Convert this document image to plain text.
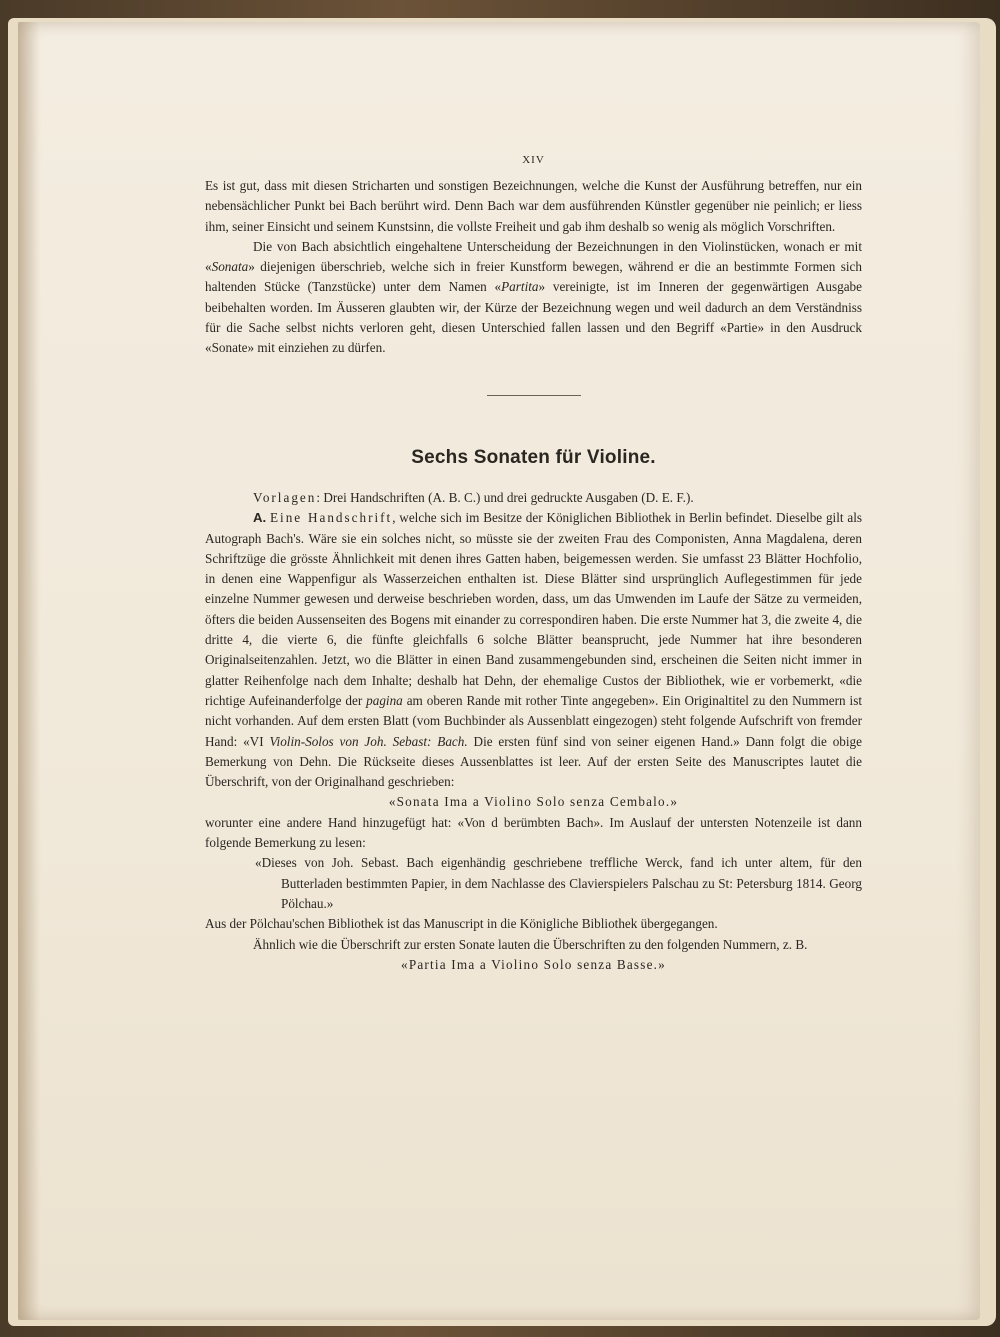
XIV

Es ist gut, dass mit diesen Stricharten und sonstigen Bezeichnungen, welche die Kunst der Ausführung betreffen, nur ein nebensächlicher Punkt bei Bach berührt wird. Denn Bach war dem ausführenden Künstler gegenüber nie peinlich; er liess ihm, seiner Einsicht und seinem Kunstsinn, die vollste Freiheit und gab ihm deshalb so wenig als möglich Vorschriften.

Die von Bach absichtlich eingehaltene Unterscheidung der Bezeichnungen in den Violinstücken, wonach er mit «Sonata» diejenigen überschrieb, welche sich in freier Kunstform bewegen, während er die an bestimmte Formen sich haltenden Stücke (Tanzstücke) unter dem Namen «Partita» vereinigte, ist im Inneren der gegenwärtigen Ausgabe beibehalten worden. Im Äusseren glaubten wir, der Kürze der Bezeichnung wegen und weil dadurch an dem Verständniss für die Sache selbst nichts verloren geht, diesen Unterschied fallen lassen und den Begriff «Partie» in den Ausdruck «Sonate» mit einziehen zu dürfen.

Sechs Sonaten für Violine.

Vorlagen: Drei Handschriften (A. B. C.) und drei gedruckte Ausgaben (D. E. F.).

A. Eine Handschrift, welche sich im Besitze der Königlichen Bibliothek in Berlin befindet. Dieselbe gilt als Autograph Bach's. Wäre sie ein solches nicht, so müsste sie der zweiten Frau des Componisten, Anna Magdalena, deren Schriftzüge die grösste Ähnlichkeit mit denen ihres Gatten haben, beigemessen werden. Sie umfasst 23 Blätter Hochfolio, in denen eine Wappenfigur als Wasserzeichen enthalten ist. Diese Blätter sind ursprünglich Auflegestimmen für jede einzelne Nummer gewesen und derweise beschrieben worden, dass, um das Umwenden im Laufe der Sätze zu vermeiden, öfters die beiden Aussenseiten des Bogens mit einander zu correspondiren haben. Die erste Nummer hat 3, die zweite 4, die dritte 4, die vierte 6, die fünfte gleichfalls 6 solche Blätter beansprucht, jede Nummer hat ihre besonderen Originalseitenzahlen. Jetzt, wo die Blätter in einen Band zusammengebunden sind, erscheinen die Seiten nicht immer in glatter Reihenfolge nach dem Inhalte; deshalb hat Dehn, der ehemalige Custos der Bibliothek, wie er vorbemerkt, «die richtige Aufeinanderfolge der pagina am oberen Rande mit rother Tinte angegeben». Ein Originaltitel zu den Nummern ist nicht vorhanden. Auf dem ersten Blatt (vom Buchbinder als Aussenblatt eingezogen) steht folgende Aufschrift von fremder Hand: «VI Violin-Solos von Joh. Sebast: Bach. Die ersten fünf sind von seiner eigenen Hand.» Dann folgt die obige Bemerkung von Dehn. Die Rückseite dieses Aussenblattes ist leer. Auf der ersten Seite des Manuscriptes lautet die Überschrift, von der Originalhand geschrieben:

«Sonata Ima a Violino Solo senza Cembalo.»

worunter eine andere Hand hinzugefügt hat: «Von d berümbten Bach». Im Auslauf der untersten Notenzeile ist dann folgende Bemerkung zu lesen:

«Dieses von Joh. Sebast. Bach eigenhändig geschriebene treffliche Werck, fand ich unter altem, für den Butterladen bestimmten Papier, in dem Nachlasse des Clavierspielers Palschau zu St: Petersburg 1814. Georg Pölchau.»

Aus der Pölchau'schen Bibliothek ist das Manuscript in die Königliche Bibliothek übergegangen.

Ähnlich wie die Überschrift zur ersten Sonate lauten die Überschriften zu den folgenden Nummern, z. B.

«Partia Ima a Violino Solo senza Basse.»
